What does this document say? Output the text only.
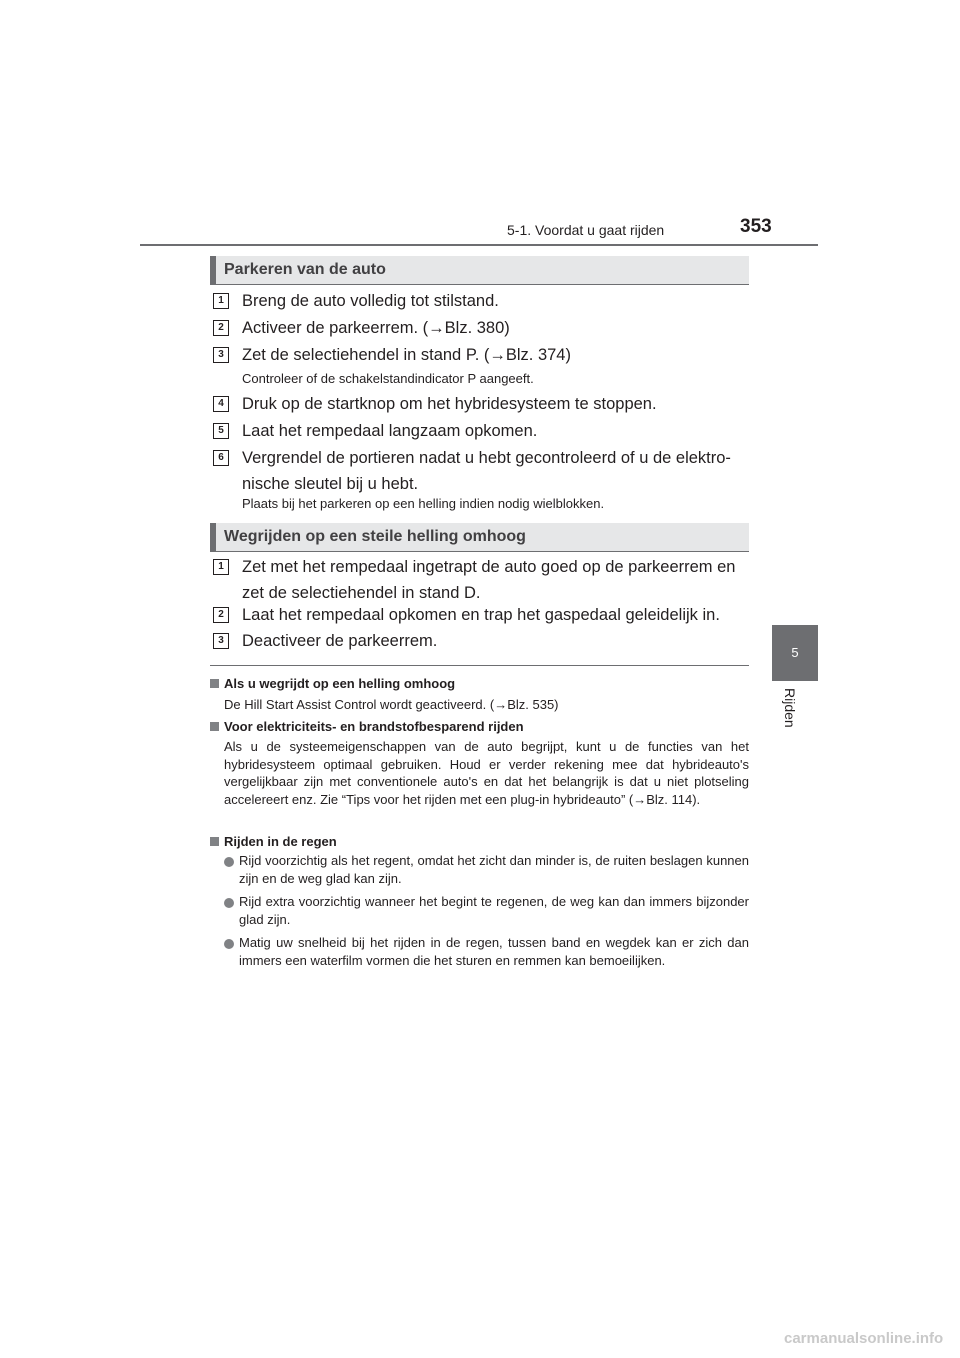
5-1. Voordat u gaat rijden	353
5
Rijden
Parkeren van de auto
1	Breng de auto volledig tot stilstand.
2	Activeer de parkeerrem. (→Blz. 380)
3	Zet de selectiehendel in stand P. (→Blz. 374)
Controleer of de schakelstandindicator P aangeeft.
4	Druk op de startknop om het hybridesysteem te stoppen.
5	Laat het rempedaal langzaam opkomen.
6	Vergrendel de portieren nadat u hebt gecontroleerd of u de elektro-nische sleutel bij u hebt.
Plaats bij het parkeren op een helling indien nodig wielblokken.
Wegrijden op een steile helling omhoog
1	Zet met het rempedaal ingetrapt de auto goed op de parkeerrem en zet de selectiehendel in stand D.
2	Laat het rempedaal opkomen en trap het gaspedaal geleidelijk in.
3	Deactiveer de parkeerrem.
Als u wegrijdt op een helling omhoog
De Hill Start Assist Control wordt geactiveerd. (→Blz. 535)
Voor elektriciteits- en brandstofbesparend rijden
Als u de systeemeigenschappen van de auto begrijpt, kunt u de functies van het hybridesysteem optimaal gebruiken. Houd er verder rekening mee dat hybrideauto's vergelijkbaar zijn met conventionele auto's en dat het belangrijk is dat u niet plotseling accelereert enz. Zie “Tips voor het rijden met een plug-in hybrideauto” (→Blz. 114).
Rijden in de regen
Rijd voorzichtig als het regent, omdat het zicht dan minder is, de ruiten beslagen kunnen zijn en de weg glad kan zijn.
Rijd extra voorzichtig wanneer het begint te regenen, de weg kan dan immers bijzonder glad zijn.
Matig uw snelheid bij het rijden in de regen, tussen band en wegdek kan er zich dan immers een waterfilm vormen die het sturen en remmen kan bemoeilijken.
carmanualsonline.info
